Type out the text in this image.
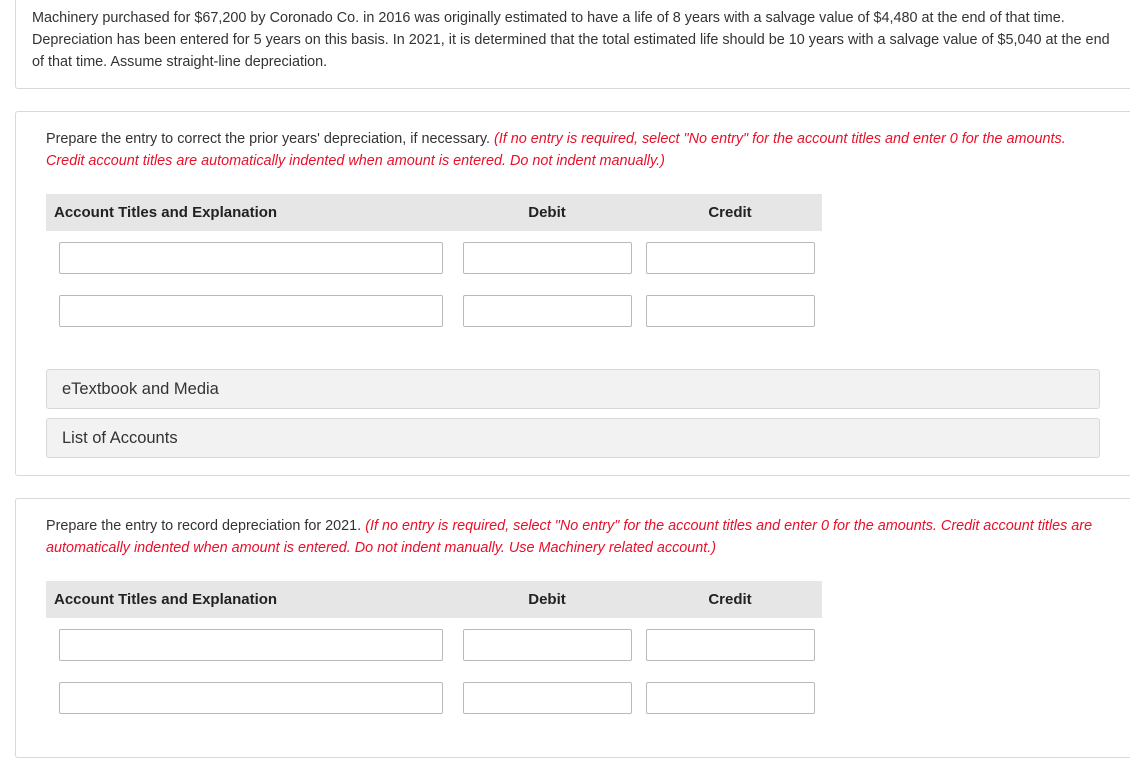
Machinery purchased for $67,200 by Coronado Co. in 2016 was originally estimated to have a life of 8 years with a salvage value of $4,480 at the end of that time. Depreciation has been entered for 5 years on this basis. In 2021, it is determined that the total estimated life should be 10 years with a salvage value of $5,040 at the end of that time. Assume straight-line depreciation.
Prepare the entry to correct the prior years' depreciation, if necessary. (If no entry is required, select "No entry" for the account titles and enter 0 for the amounts. Credit account titles are automatically indented when amount is entered. Do not indent manually.)
Account Titles and Explanation	Debit	Credit
eTextbook and Media
List of Accounts
Prepare the entry to record depreciation for 2021. (If no entry is required, select "No entry" for the account titles and enter 0 for the amounts. Credit account titles are automatically indented when amount is entered. Do not indent manually. Use Machinery related account.)
Account Titles and Explanation	Debit	Credit
